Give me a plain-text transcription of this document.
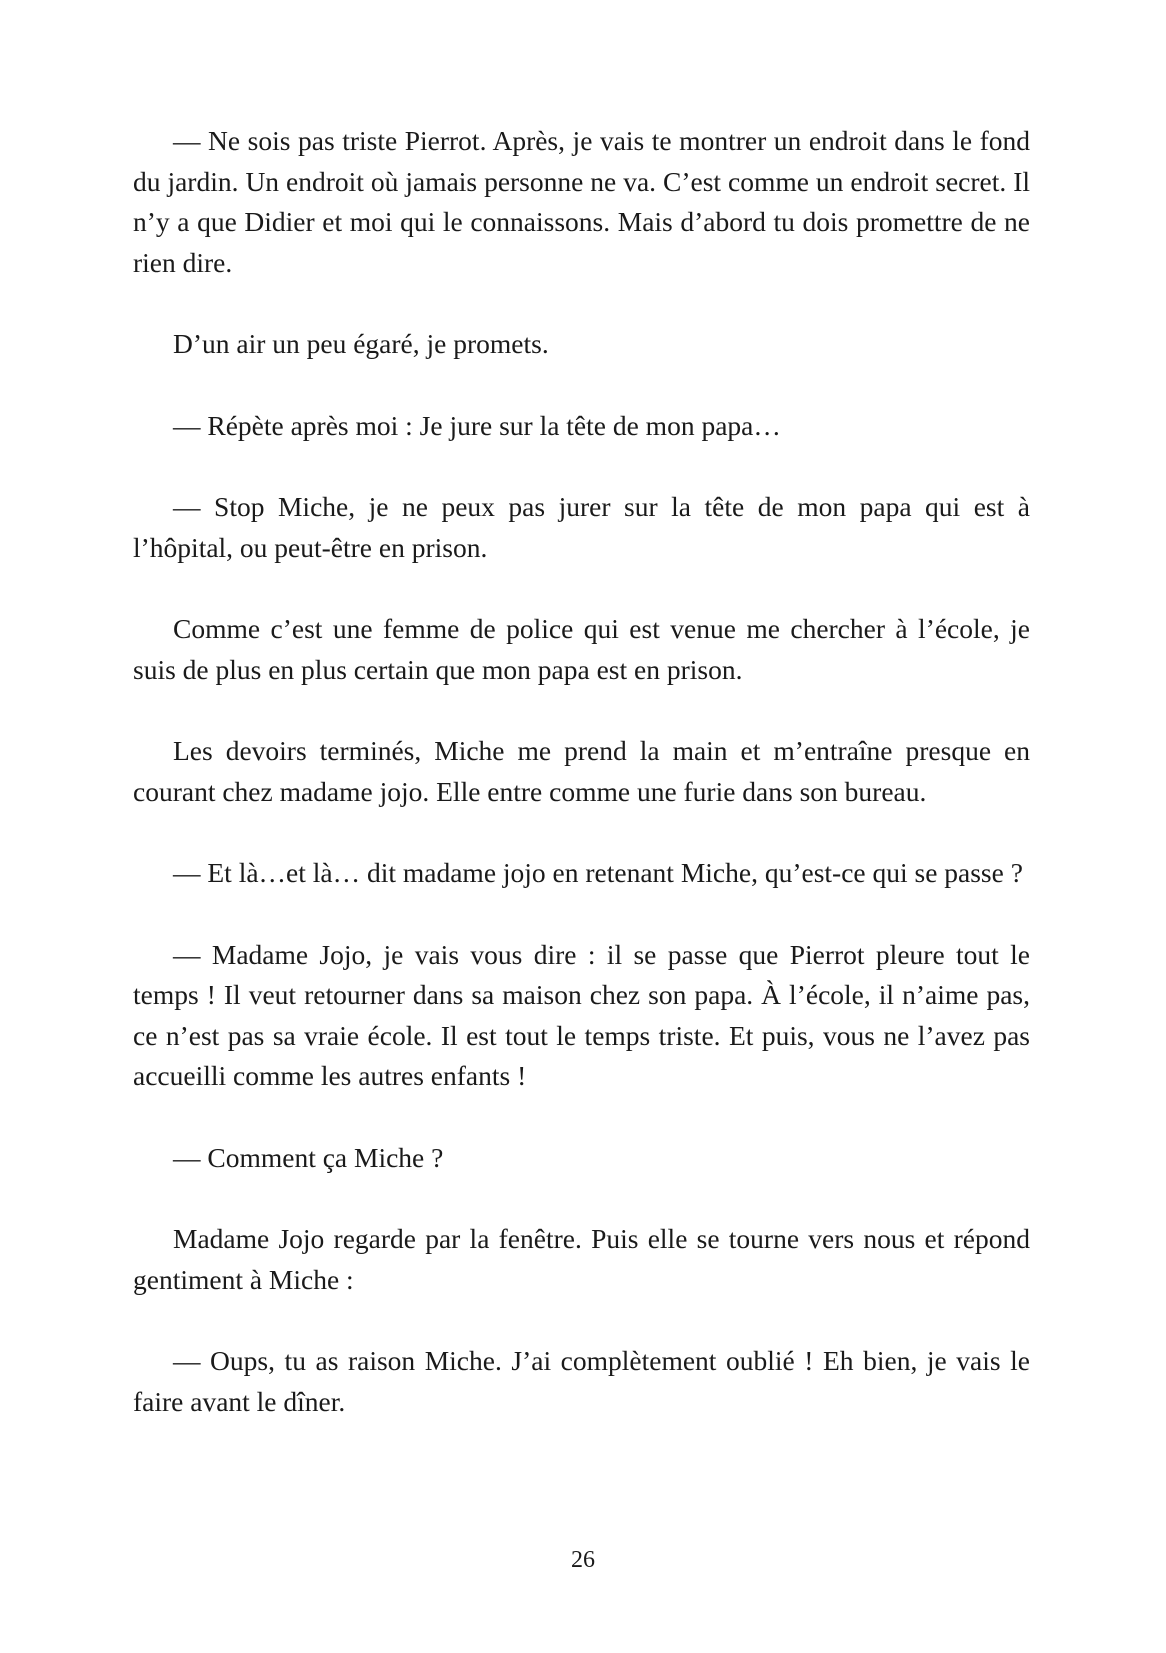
— Ne sois pas triste Pierrot. Après, je vais te montrer un endroit dans le fond du jardin. Un endroit où jamais personne ne va. C’est comme un endroit secret. Il n’y a que Didier et moi qui le connaissons. Mais d’abord tu dois promettre de ne rien dire.

D’un air un peu égaré, je promets.

— Répète après moi : Je jure sur la tête de mon papa…

— Stop Miche, je ne peux pas jurer sur la tête de mon papa qui est à l’hôpital, ou peut-être en prison.

Comme c’est une femme de police qui est venue me chercher à l’école, je suis de plus en plus certain que mon papa est en prison.

Les devoirs terminés, Miche me prend la main et m’entraîne presque en courant chez madame jojo. Elle entre comme une furie dans son bureau.

— Et là…et là… dit madame jojo en retenant Miche, qu’est-ce qui se passe ?

— Madame Jojo, je vais vous dire : il se passe que Pierrot pleure tout le temps ! Il veut retourner dans sa maison chez son papa. À l’école, il n’aime pas, ce n’est pas sa vraie école. Il est tout le temps triste. Et puis, vous ne l’avez pas accueilli comme les autres enfants !

— Comment ça Miche ?

Madame Jojo regarde par la fenêtre. Puis elle se tourne vers nous et répond gentiment à Miche :

— Oups, tu as raison Miche. J’ai complètement oublié ! Eh bien, je vais le faire avant le dîner.

26
